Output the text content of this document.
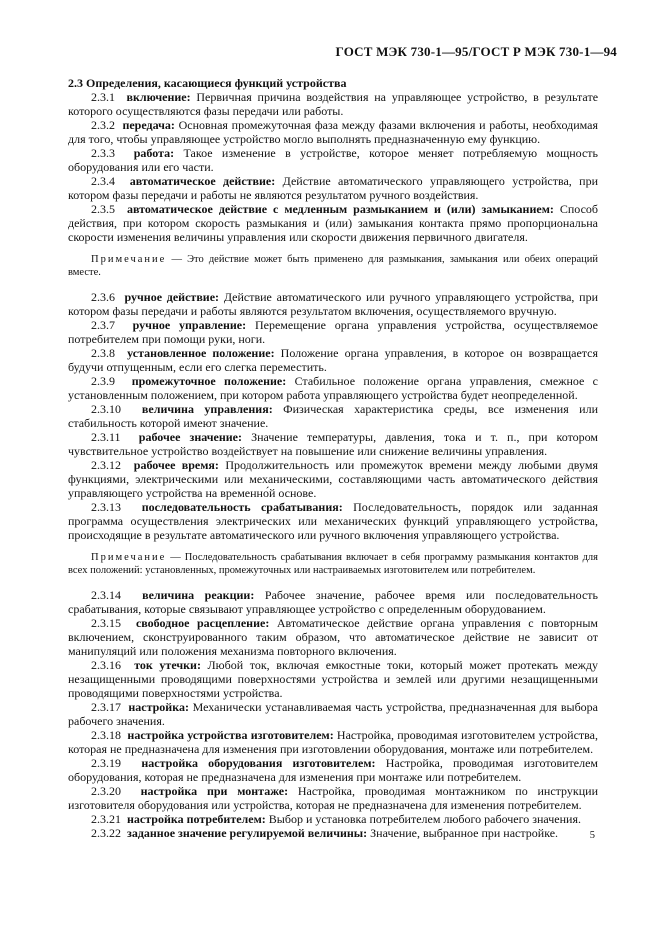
ГОСТ МЭК 730-1—95/ГОСТ Р МЭК 730-1—94

2.3 Определения, касающиеся функций устройства

2.3.1 включение: Первичная причина воздействия на управляющее устройство, в результате которого осуществляются фазы передачи или работы.

2.3.2 передача: Основная промежуточная фаза между фазами включения и работы, необходимая для того, чтобы управляющее устройство могло выполнять предназначенную ему функцию.

2.3.3 работа: Такое изменение в устройстве, которое меняет потребляемую мощность оборудования или его части.

2.3.4 автоматическое действие: Действие автоматического управляющего устройства, при котором фазы передачи и работы не являются результатом ручного воздействия.

2.3.5 автоматическое действие с медленным размыканием и (или) замыканием: Способ действия, при котором скорость размыкания и (или) замыкания контакта прямо пропорциональна скорости изменения величины управления или скорости движения первичного двигателя.

Примечание — Это действие может быть применено для размыкания, замыкания или обеих операций вместе.

2.3.6 ручное действие: Действие автоматического или ручного управляющего устройства, при котором фазы передачи и работы являются результатом включения, осуществляемого вручную.

2.3.7 ручное управление: Перемещение органа управления устройства, осуществляемое потребителем при помощи руки, ноги.

2.3.8 установленное положение: Положение органа управления, в которое он возвращается будучи отпущенным, если его слегка переместить.

2.3.9 промежуточное положение: Стабильное положение органа управления, смежное с установленным положением, при котором работа управляющего устройства будет неопределенной.

2.3.10 величина управления: Физическая характеристика среды, все изменения или стабильность которой имеют значение.

2.3.11 рабочее значение: Значение температуры, давления, тока и т. п., при котором чувствительное устройство воздействует на повышение или снижение величины управления.

2.3.12 рабочее время: Продолжительность или промежуток времени между любыми двумя функциями, электрическими или механическими, составляющими часть автоматического действия управляющего устройства на временно́й основе.

2.3.13 последовательность срабатывания: Последовательность, порядок или заданная программа осуществления электрических или механических функций управляющего устройства, происходящие в результате автоматического или ручного включения управляющего устройства.

Примечание — Последовательность срабатывания включает в себя программу размыкания контактов для всех положений: установленных, промежуточных или настраиваемых изготовителем или потребителем.

2.3.14 величина реакции: Рабочее значение, рабочее время или последовательность срабатывания, которые связывают управляющее устройство с определенным оборудованием.

2.3.15 свободное расцепление: Автоматическое действие органа управления с повторным включением, сконструированного таким образом, что автоматическое действие не зависит от манипуляций или положения механизма повторного включения.

2.3.16 ток утечки: Любой ток, включая емкостные токи, который может протекать между незащищенными проводящими поверхностями устройства и землей или другими незащищенными проводящими поверхностями устройства.

2.3.17 настройка: Механически устанавливаемая часть устройства, предназначенная для выбора рабочего значения.

2.3.18 настройка устройства изготовителем: Настройка, проводимая изготовителем устройства, которая не предназначена для изменения при изготовлении оборудования, монтаже или потребителем.

2.3.19 настройка оборудования изготовителем: Настройка, проводимая изготовителем оборудования, которая не предназначена для изменения при монтаже или потребителем.

2.3.20 настройка при монтаже: Настройка, проводимая монтажником по инструкции изготовителя оборудования или устройства, которая не предназначена для изменения потребителем.

2.3.21 настройка потребителем: Выбор и установка потребителем любого рабочего значения.

2.3.22 заданное значение регулируемой величины: Значение, выбранное при настройке.	5
